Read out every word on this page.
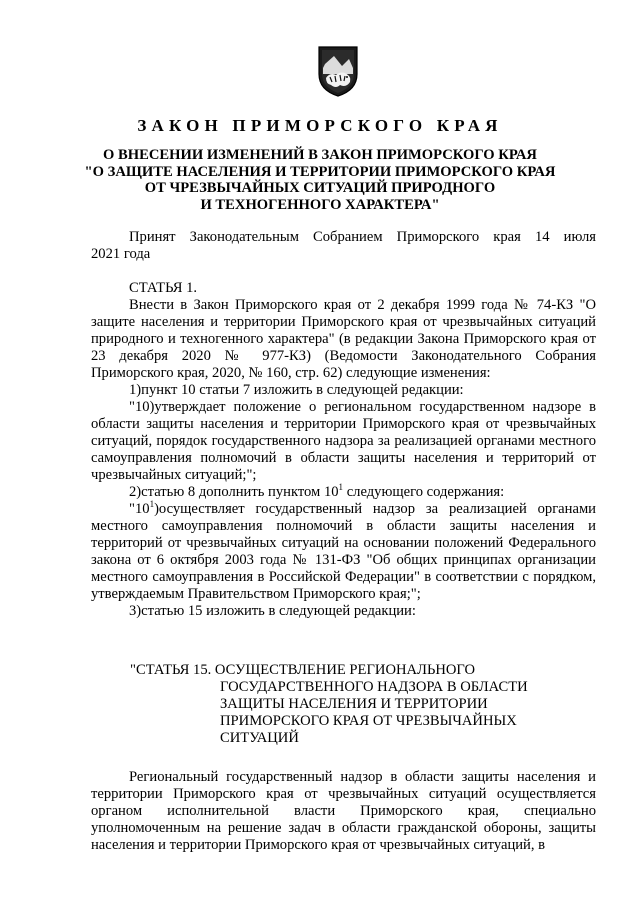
ЗАКОН ПРИМОРСКОГО КРАЯ
О ВНЕСЕНИИ ИЗМЕНЕНИЙ В ЗАКОН ПРИМОРСКОГО КРАЯ
"О ЗАЩИТЕ НАСЕЛЕНИЯ И ТЕРРИТОРИИ ПРИМОРСКОГО КРАЯ
ОТ ЧРЕЗВЫЧАЙНЫХ СИТУАЦИЙ ПРИРОДНОГО
И ТЕХНОГЕННОГО ХАРАКТЕРА"

Принят Законодательным Собранием Приморского края 14 июля

2021 года

СТАТЬЯ 1.

Внести в Закон Приморского края от 2 декабря 1999 года № 74-КЗ "О защите населения и территории Приморского края от чрезвычайных ситуаций природного и техногенного характера" (в редакции Закона Приморского края от 23 декабря 2020 № 977-КЗ) (Ведомости Законодательного Собрания Приморского края, 2020, № 160, стр. 62) следующие изменения:

1)пункт 10 статьи 7 изложить в следующей редакции:

"10)утверждает положение о региональном государственном надзоре в области защиты населения и территории Приморского края от чрезвычайных ситуаций, порядок государственного надзора за реализацией органами местного самоуправления полномочий в области защиты населения и территорий от чрезвычайных ситуаций;";

2)статью 8 дополнить пунктом $10^1$ следующего содержания:

"$10^1)осуществляет$ государственный надзор за реализацией органами местного самоуправления полномочий в области защиты населения и территорий от чрезвычайных ситуаций на основании положений Федерального закона от 6 октября 2003 года № 131-ФЗ "Об общих принципах организации местного самоуправления в Российской Федерации" в соответствии с порядком, утверждаемым Правительством Приморского края;";

3)статью 15 изложить в следующей редакции:

"СТАТЬЯ 15. ОСУЩЕСТВЛЕНИЕ РЕГИОНАЛЬНОГО
ГОСУДАРСТВЕННОГО НАДЗОРА В ОБЛАСТИ ЗАЩИТЫ НАСЕЛЕНИЯ И ТЕРРИТОРИИ ПРИМОРСКОГО КРАЯ ОТ ЧРЕЗВЫЧАЙНЫХ СИТУАЦИЙ

Региональный государственный надзор в области защиты населения и территории Приморского края от чрезвычайных ситуаций осуществляется органом исполнительной власти Приморского края, специально уполномоченным на решение задач в области гражданской обороны, защиты населения и территории Приморского края от чрезвычайных ситуаций, в
